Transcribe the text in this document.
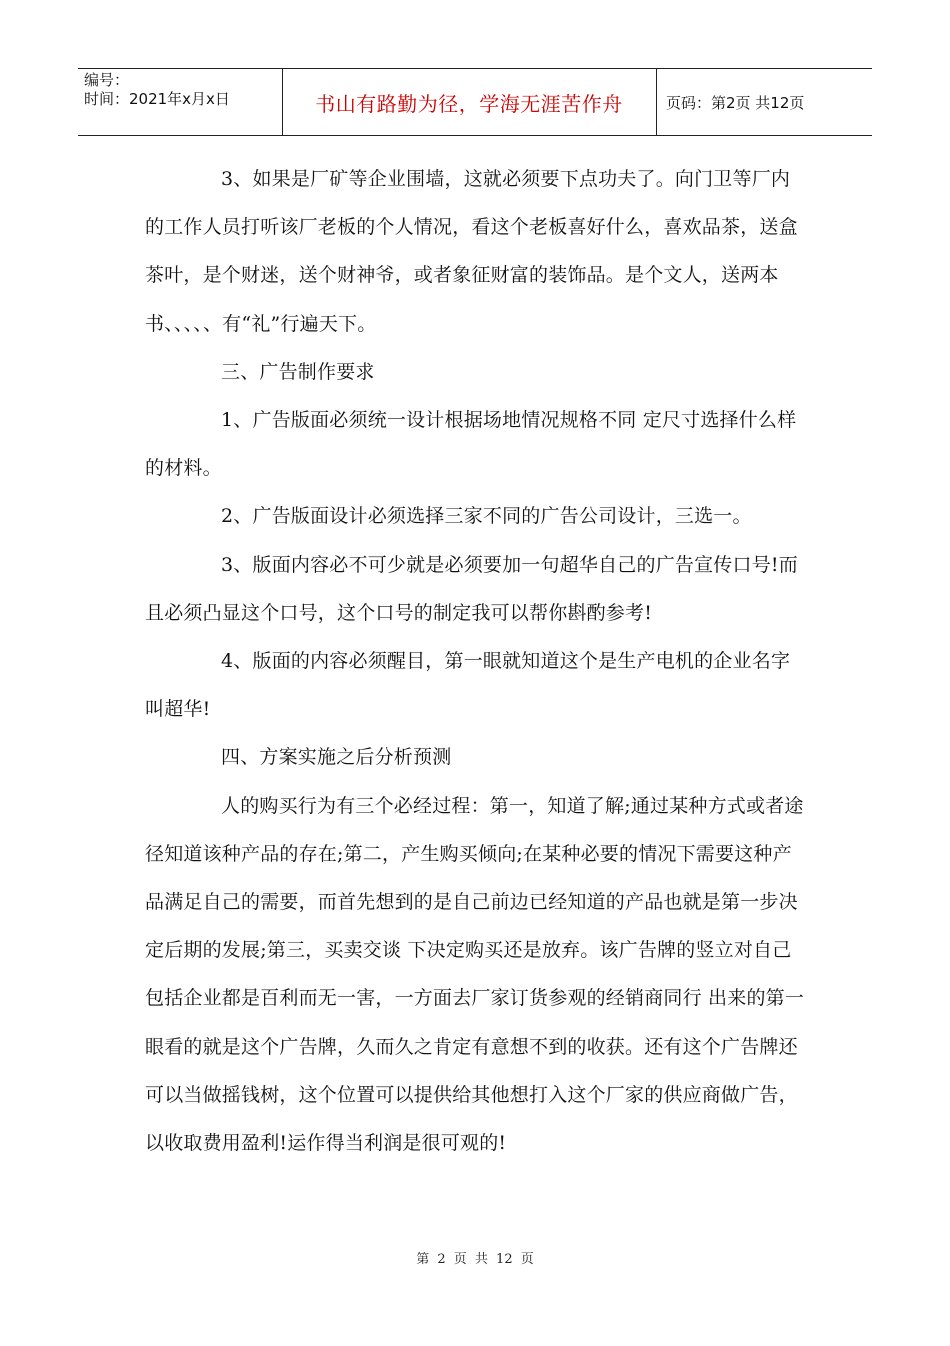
编号：
时间：2021年x月x日	书山有路勤为径，学海无涯苦作舟	页码：第2页 共12页

3、如果是厂矿等企业围墙，这就必须要下点功夫了。向门卫等厂内的工作人员打听该厂老板的个人情况，看这个老板喜好什么，喜欢品茶，送盒茶叶，是个财迷，送个财神爷，或者象征财富的装饰品。是个文人，送两本书、、、、、有“礼”行遍天下。

三、广告制作要求

1、广告版面必须统一设计根据场地情况规格不同 定尺寸选择什么样的材料。

2、广告版面设计必须选择三家不同的广告公司设计，三选一。

3、版面内容必不可少就是必须要加一句超华自己的广告宣传口号!而且必须凸显这个口号，这个口号的制定我可以帮你斟酌参考!

4、版面的内容必须醒目，第一眼就知道这个是生产电机的企业名字叫超华!

四、方案实施之后分析预测

人的购买行为有三个必经过程：第一，知道了解;通过某种方式或者途径知道该种产品的存在;第二，产生购买倾向;在某种必要的情况下需要这种产品满足自己的需要，而首先想到的是自己前边已经知道的产品也就是第一步决定后期的发展;第三，买卖交谈 下决定购买还是放弃。该广告牌的竖立对自己包括企业都是百利而无一害，一方面去厂家订货参观的经销商同行 出来的第一眼看的就是这个广告牌，久而久之肯定有意想不到的收获。还有这个广告牌还可以当做摇钱树，这个位置可以提供给其他想打入这个厂家的供应商做广告，以收取费用盈利!运作得当利润是很可观的!

第 2 页 共 12 页
